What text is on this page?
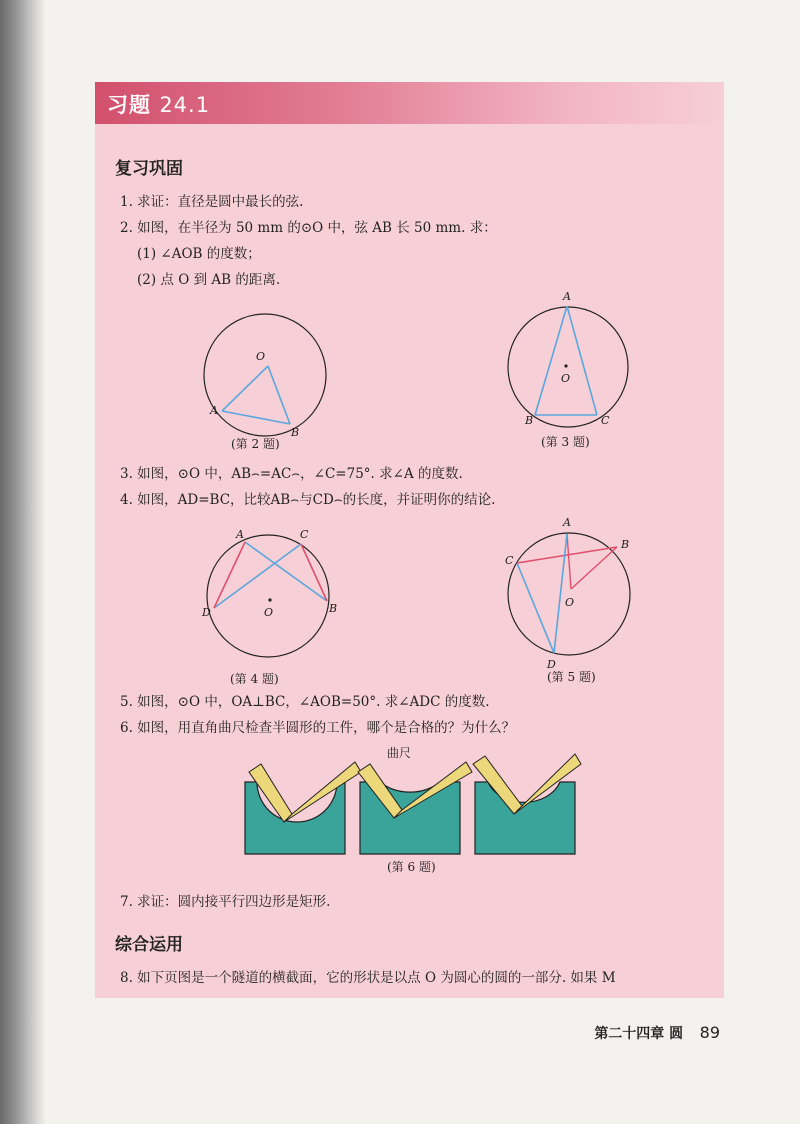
习题 24.1
复习巩固
1. 求证：直径是圆中最长的弦.
2. 如图，在半径为 50 mm 的⊙O 中，弦 AB 长 50 mm. 求：
(1) ∠AOB 的度数；
(2) 点 O 到 AB 的距离.
O
A
B
(第 2 题)
A
O
B	C
(第 3 题)
3. 如图，⊙O 中，AB⌢=AC⌢，∠C=75°. 求∠A 的度数.
4. 如图，AD=BC，比较AB⌢与CD⌢的长度，并证明你的结论.
A	C
D	B
O
(第 4 题)
A
C
B
O
D
(第 5 题)
5. 如图，⊙O 中，OA⊥BC，∠AOB=50°. 求∠ADC 的度数.
6. 如图，用直角曲尺检查半圆形的工件，哪个是合格的？为什么？
曲尺
(第 6 题)
7. 求证：圆内接平行四边形是矩形.
综合运用
8. 如下页图是一个隧道的横截面，它的形状是以点 O 为圆心的圆的一部分. 如果 M
第二十四章 圆 89
